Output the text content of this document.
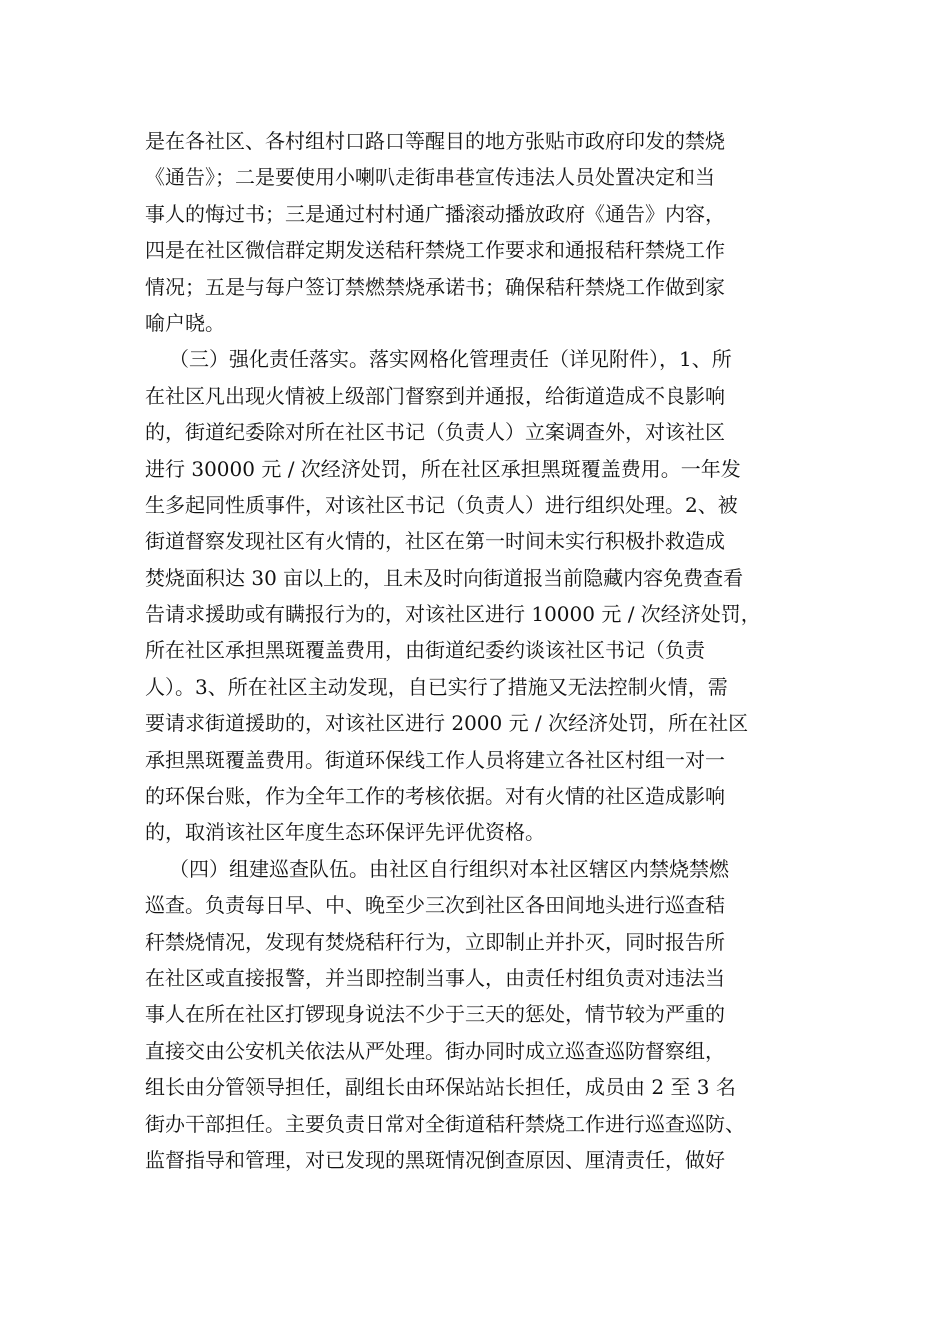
是在各社区、各村组村口路口等醒目的地方张贴市政府印发的禁烧
《通告》；二是要使用小喇叭走街串巷宣传违法人员处置决定和当
事人的悔过书；三是通过村村通广播滚动播放政府《通告》内容，
四是在社区微信群定期发送秸秆禁烧工作要求和通报秸秆禁烧工作
情况；五是与每户签订禁燃禁烧承诺书；确保秸秆禁烧工作做到家
喻户晓。
（三）强化责任落实。落实网格化管理责任（详见附件），1、所
在社区凡出现火情被上级部门督察到并通报，给街道造成不良影响
的，街道纪委除对所在社区书记（负责人）立案调查外，对该社区
进行 30000 元 / 次经济处罚，所在社区承担黑斑覆盖费用。一年发
生多起同性质事件，对该社区书记（负责人）进行组织处理。2、被
街道督察发现社区有火情的，社区在第一时间未实行积极扑救造成
焚烧面积达 30 亩以上的，且未及时向街道报当前隐藏内容免费查看
告请求援助或有瞒报行为的，对该社区进行 10000 元 / 次经济处罚，
所在社区承担黑斑覆盖费用，由街道纪委约谈该社区书记（负责
人）。3、所在社区主动发现，自已实行了措施又无法控制火情，需
要请求街道援助的，对该社区进行 2000 元 / 次经济处罚，所在社区
承担黑斑覆盖费用。街道环保线工作人员将建立各社区村组一对一
的环保台账，作为全年工作的考核依据。对有火情的社区造成影响
的，取消该社区年度生态环保评先评优资格。
（四）组建巡查队伍。由社区自行组织对本社区辖区内禁烧禁燃
巡查。负责每日早、中、晚至少三次到社区各田间地头进行巡查秸
秆禁烧情况，发现有焚烧秸秆行为，立即制止并扑灭，同时报告所
在社区或直接报警，并当即控制当事人，由责任村组负责对违法当
事人在所在社区打锣现身说法不少于三天的惩处，情节较为严重的
直接交由公安机关依法从严处理。街办同时成立巡查巡防督察组，
组长由分管领导担任，副组长由环保站站长担任，成员由 2 至 3 名
街办干部担任。主要负责日常对全街道秸秆禁烧工作进行巡查巡防、
监督指导和管理，对已发现的黑斑情况倒查原因、厘清责任，做好
